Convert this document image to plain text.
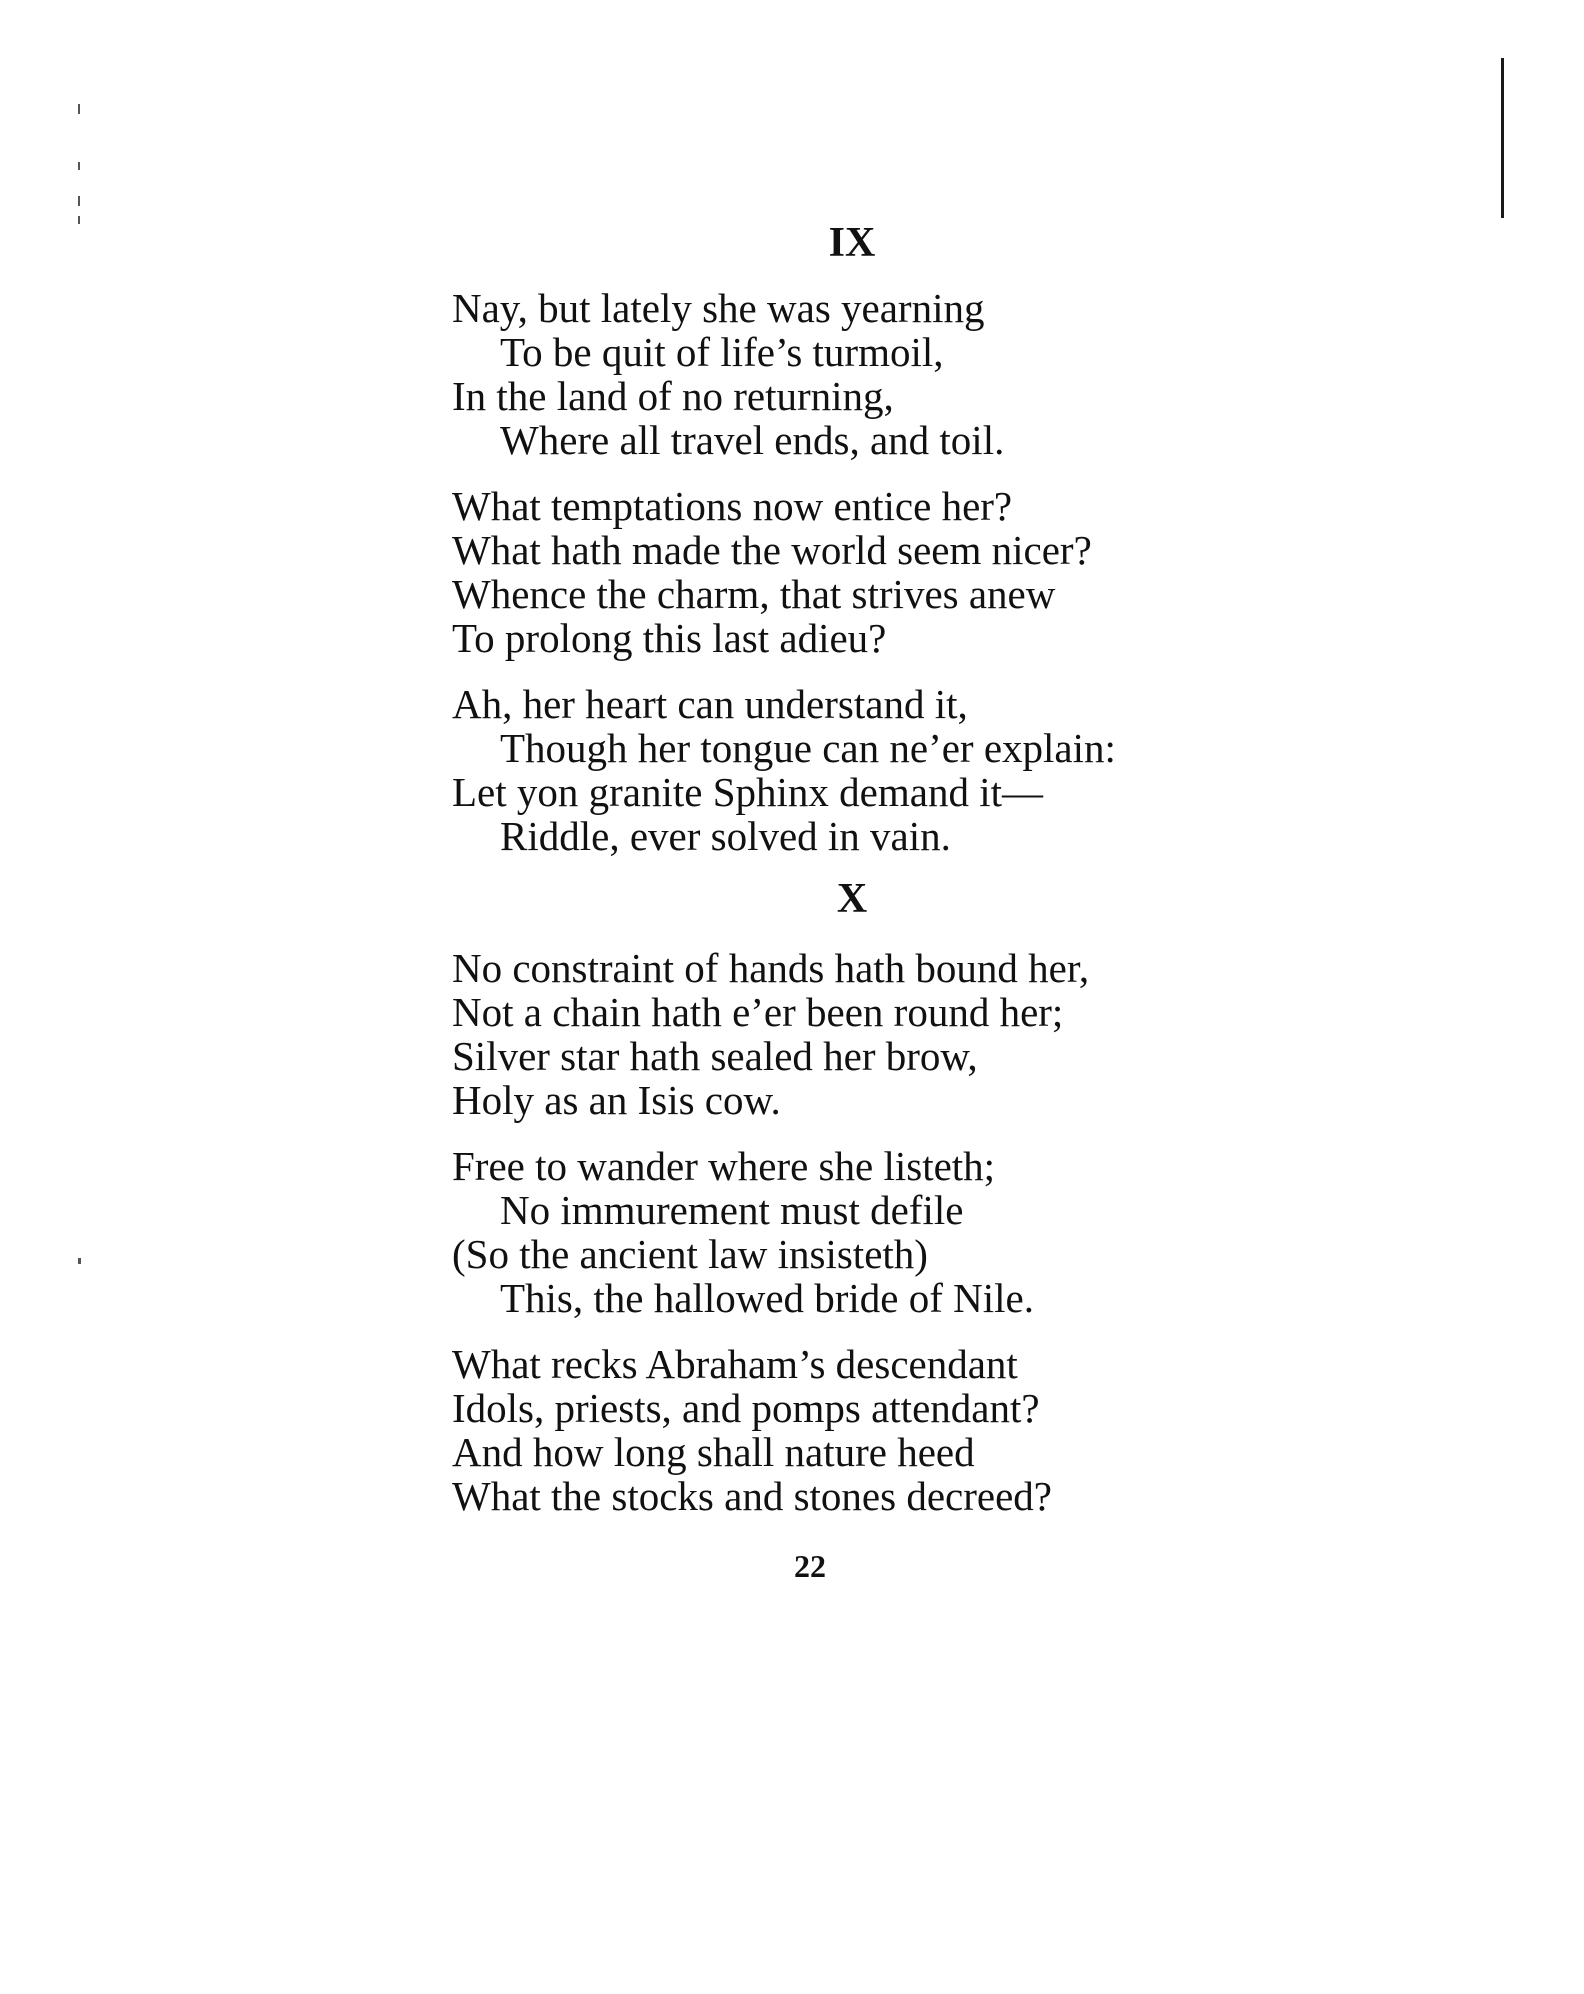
IX
Nay, but lately she was yearning
To be quit of life’s turmoil,
In the land of no returning,
Where all travel ends, and toil.
What temptations now entice her?
What hath made the world seem nicer?
Whence the charm, that strives anew
To prolong this last adieu?
Ah, her heart can understand it,
Though her tongue can ne’er explain:
Let yon granite Sphinx demand it—
Riddle, ever solved in vain.
X
No constraint of hands hath bound her,
Not a chain hath e’er been round her;
Silver star hath sealed her brow,
Holy as an Isis cow.
Free to wander where she listeth;
No immurement must defile
(So the ancient law insisteth)
This, the hallowed bride of Nile.
What recks Abraham’s descendant
Idols, priests, and pomps attendant?
And how long shall nature heed
What the stocks and stones decreed?
22
